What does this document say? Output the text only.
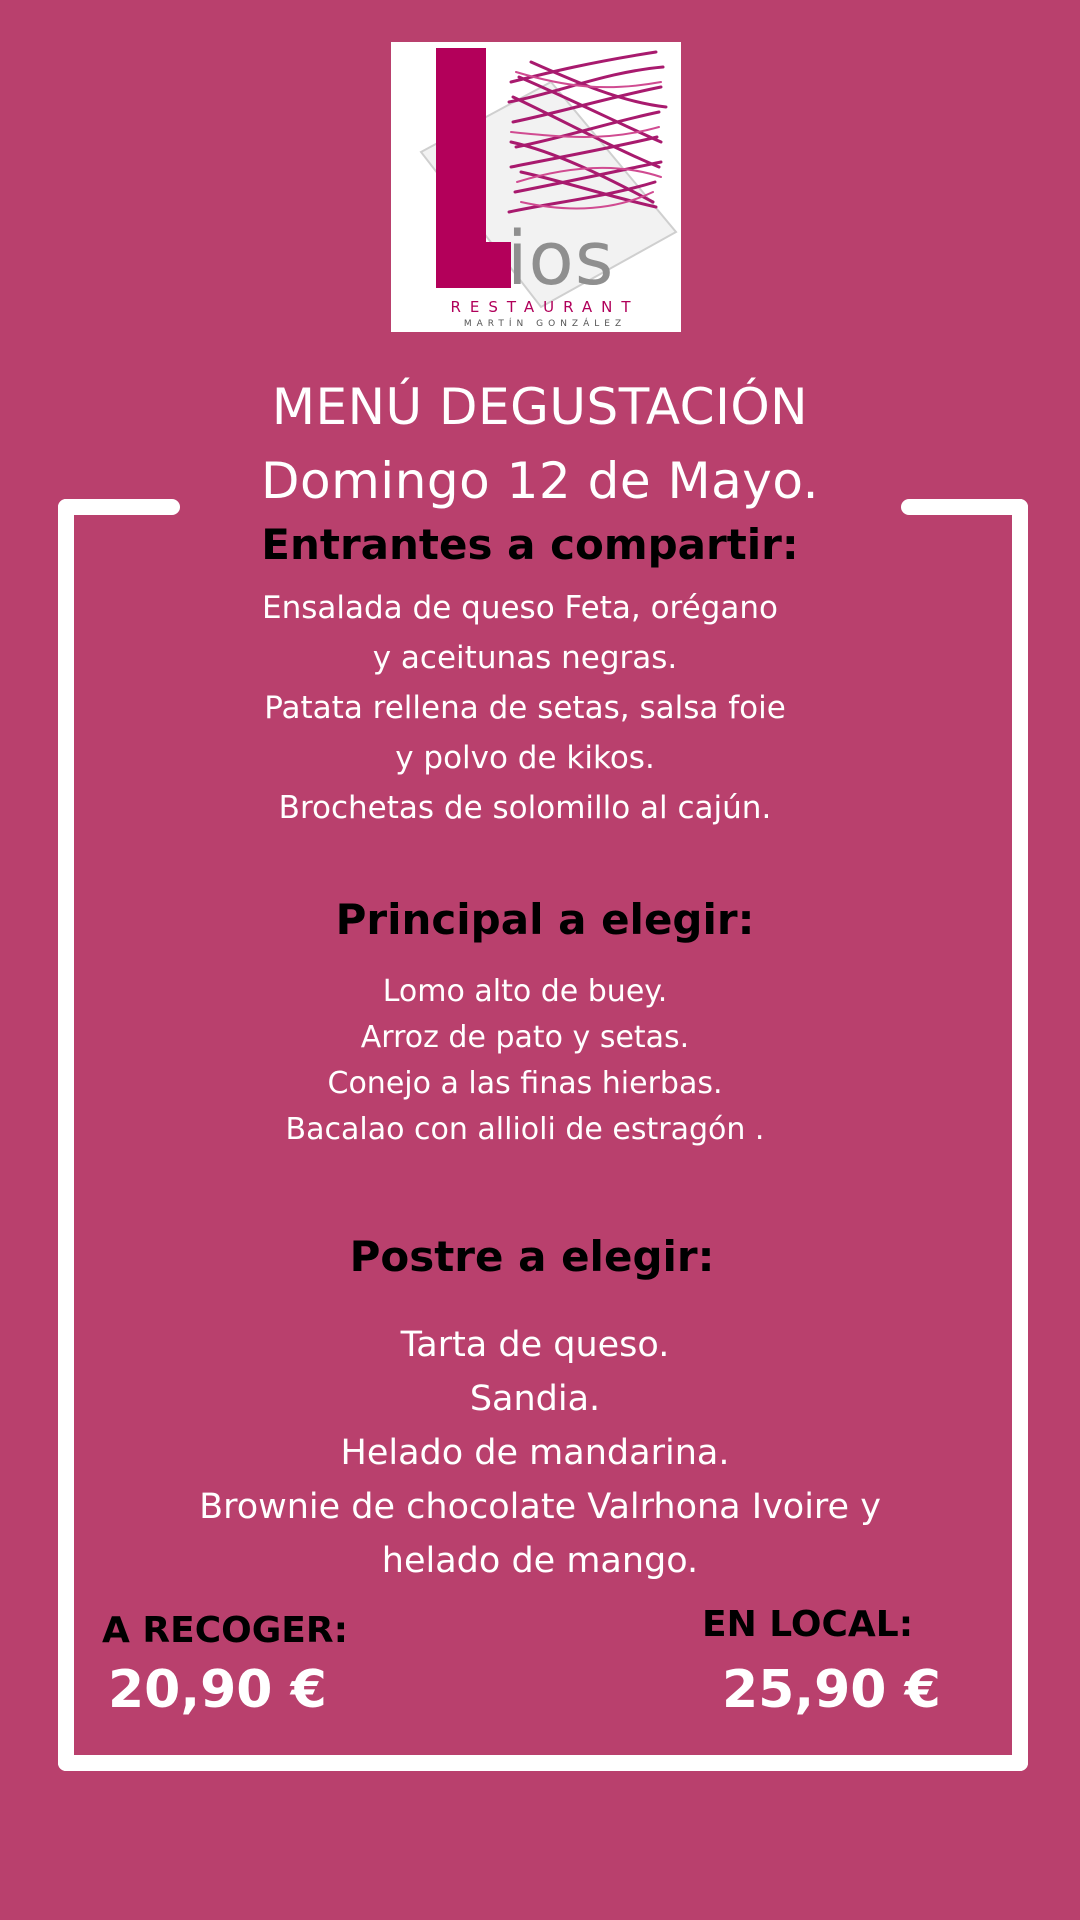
ios
RESTAURANT
MARTÍN GONZÁLEZ
MENÚ DEGUSTACIÓN
Domingo 12 de Mayo.
Entrantes a compartir:
Ensalada de queso Feta, orégano
y aceitunas negras.
Patata rellena de setas, salsa foie
y polvo de kikos.
Brochetas de solomillo al cajún.
Principal a elegir:
Lomo alto de buey.
Arroz de pato y setas.
Conejo a las finas hierbas.
Bacalao con allioli de estragón .
Postre a elegir:
Tarta de queso.
Sandia.
Helado de mandarina.
Brownie de chocolate Valrhona Ivoire y
helado de mango.
A RECOGER:
20,90 €
EN LOCAL:
25,90 €
